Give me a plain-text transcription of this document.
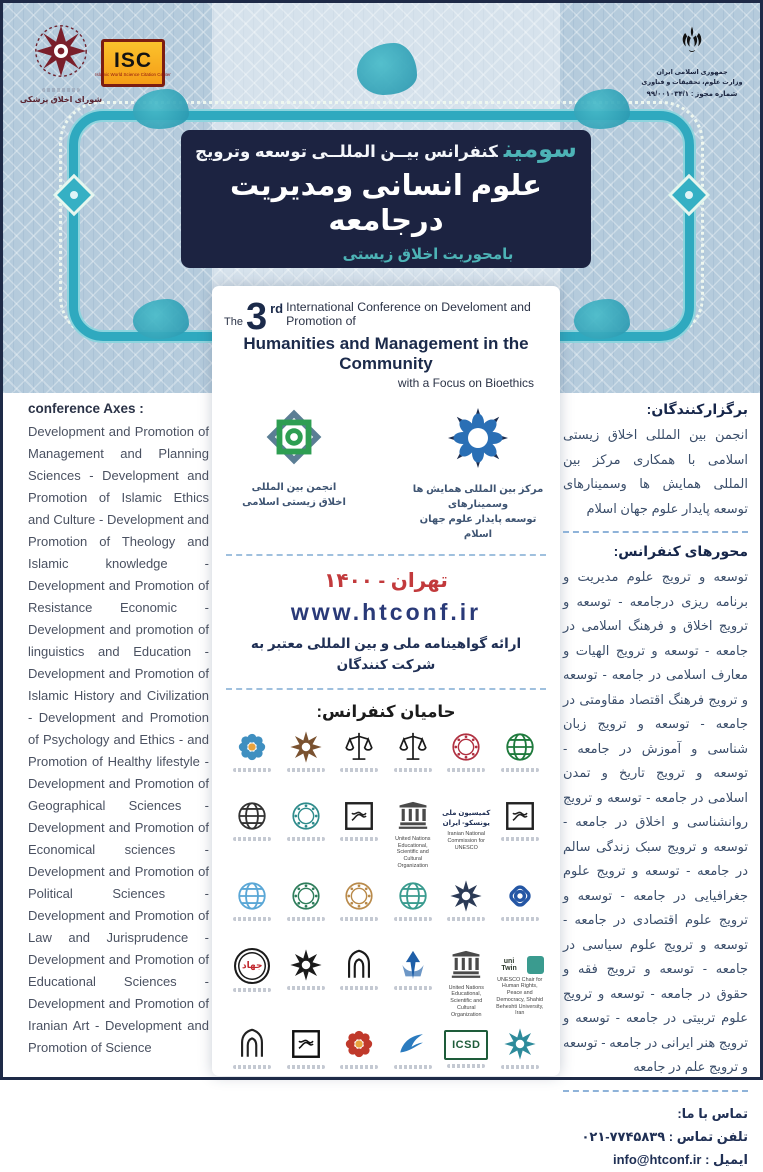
شورای اخلاق پزشکی
ISC
Islamic World Science Citation Center	جمهوری اسلامی ایران
وزارت علوم، تحقیقات و فناوری
شماره مجوز : ۹۹/۰۰۱۰۳۴/۱
سومینکنفرانس بیــن المللــی توسعه وترویج
علوم انسانی ومدیریت درجامعه
بامحوریت اخلاق زیستی
The 3 rd International Conference on Develoment and Promotion of
Humanities and Management in the Community
with a Focus on Bioethics
انجمن بین المللی
اخلاق زیستی اسلامی
مرکز بین المللی همایش ها وسمینارهای
توسعه پایدار علوم جهان اسلام
تهران - ۱۴۰۰
www.htconf.ir
ارائه گواهینامه ملی و بین المللی معتبر به
شرکت کنندگان
حامیان کنفرانس:
United Nations Educational, Scientific and Cultural Organization
کمیسیون ملی یونسکو- ایران
Iranian National Commission for UNESCO
جهاد
United Nations Educational, Scientific and Cultural Organization
uni Twin
UNESCO Chair for Human Rights, Peace and Democracy, Shahid Beheshti University, Iran
ICSD
conference Axes :
Development and Promotion of Management and Planning Sciences - Development and Promotion of Islamic Ethics and Culture - Development and Promotion of Theology and Islamic knowledge - Development and Promotion of Resistance Economic - Development and promotion of linguistics and Education - Development and Promotion of Islamic History and Civilization - Development and Promotion of Psychology and Ethics - and Promotion of Healthy lifestyle - Development and Promotion of Geographical Sciences - Development and Promotion of Economical sciences - Development and Promotion of Political Sciences - Development and Promotion of Law and Jurisprudence - Development and Promotion of Educational Sciences - Development and Promotion of Iranian Art - Development and Promotion of Science
برگزارکنندگان:
انجمن بین المللی اخلاق زیستی اسلامی با همکاری مرکز بین المللی همایش ها وسمینارهای توسعه پایدار علوم جهان اسلام
محورهای کنفرانس:
توسعه و ترویج علوم مدیریت و برنامه ریزی درجامعه - توسعه و ترویج اخلاق و فرهنگ اسلامی در جامعه - توسعه و ترویج الهیات و معارف اسلامی در جامعه - توسعه و ترویج فرهنگ اقتصاد مقاومتی در جامعه - توسعه و ترویج زبان شناسی و آموزش در جامعه - توسعه و ترویج تاریخ و تمدن اسلامی در جامعه - توسعه و ترویج روانشناسی و اخلاق در جامعه - توسعه و ترویج سبک زندگی سالم در جامعه - توسعه و ترویج علوم جغرافیایی در جامعه - توسعه و ترویج علوم اقتصادی در جامعه - توسعه و ترویج علوم سیاسی در جامعه - توسعه و ترویج فقه و حقوق در جامعه - توسعه و ترویج علوم تربیتی در جامعه - توسعه و ترویج هنر ایرانی در جامعه - توسعه و ترویج علم در جامعه
تماس با ما:
تلفن تماس : ۰۲۱-۷۷۴۵۸۳۹
ایمیل : info@htconf.ir
